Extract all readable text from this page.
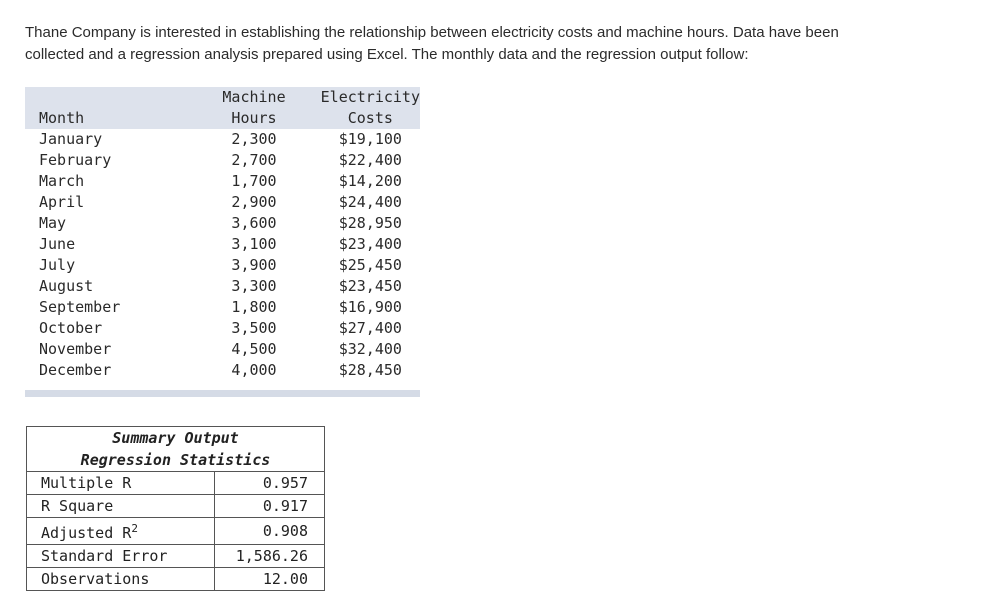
Thane Company is interested in establishing the relationship between electricity costs and machine hours. Data have been

collected and a regression analysis prepared using Excel. The monthly data and the regression output follow:

	Machine	Electricity
Month	Hours	Costs
January	2,300	$19,100
February	2,700	$22,400
March	1,700	$14,200
April	2,900	$24,400
May	3,600	$28,950
June	3,100	$23,400
July	3,900	$25,450
August	3,300	$23,450
September	1,800	$16,900
October	3,500	$27,400
November	4,500	$32,400
December	4,000	$28,450
Summary Output	
Regression Statistics	
Multiple R	0.957
R Square	0.917
Adjusted $R^2$	0.908
Standard Error	1,586.26
Observations	12.00
